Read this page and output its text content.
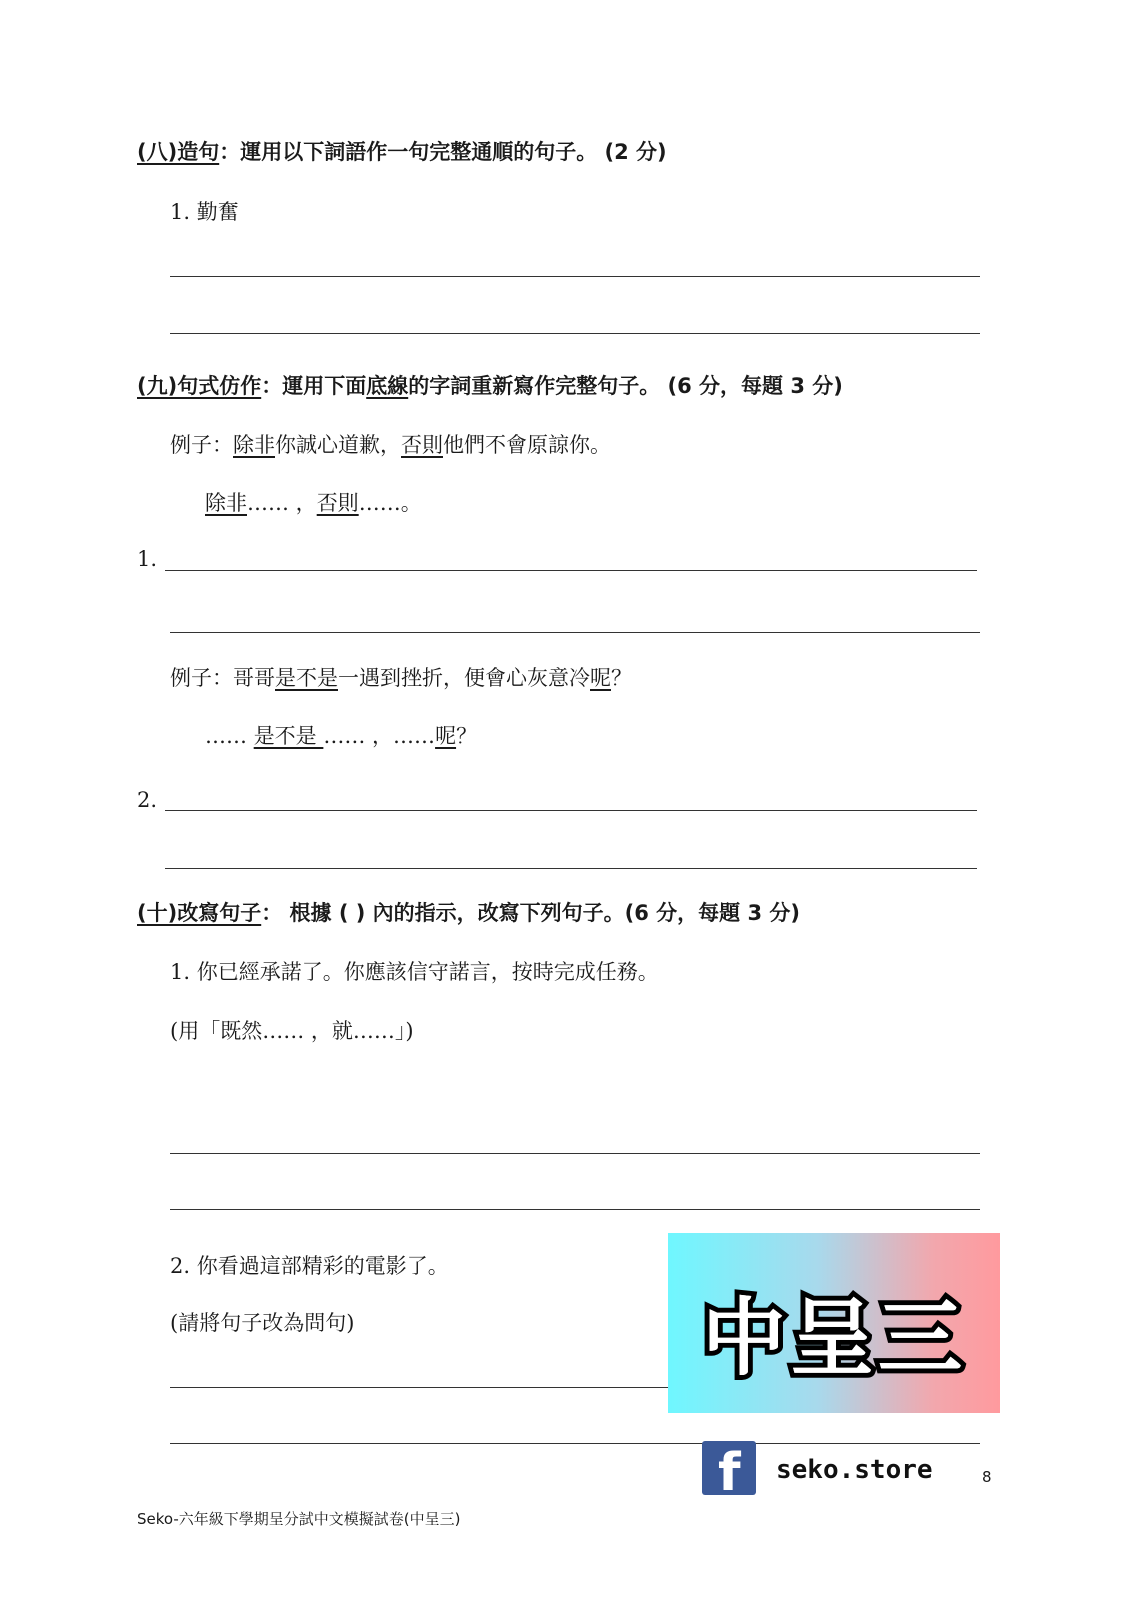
(八)造句：運用以下詞語作一句完整通順的句子。 (2 分)
1. 勤奮
(九)句式仿作：運用下面底線的字詞重新寫作完整句子。 (6 分，每題 3 分)
例子：除非你誠心道歉，否則他們不會原諒你。
除非…… ，否則……。
1.
例子：哥哥是不是一遇到挫折，便會心灰意冷呢？
…… 是不是 …… ，……呢？
2.
(十)改寫句子： 根據 ( ) 內的指示，改寫下列句子。(6 分，每題 3 分)
1. 你已經承諾了。你應該信守諾言，按時完成任務。
(用「既然…… ，就……」)
2. 你看過這部精彩的電影了。
(請將句子改為問句)	中呈三
f seko.store	8
Seko-六年級下學期呈分試中文模擬試卷(中呈三)
